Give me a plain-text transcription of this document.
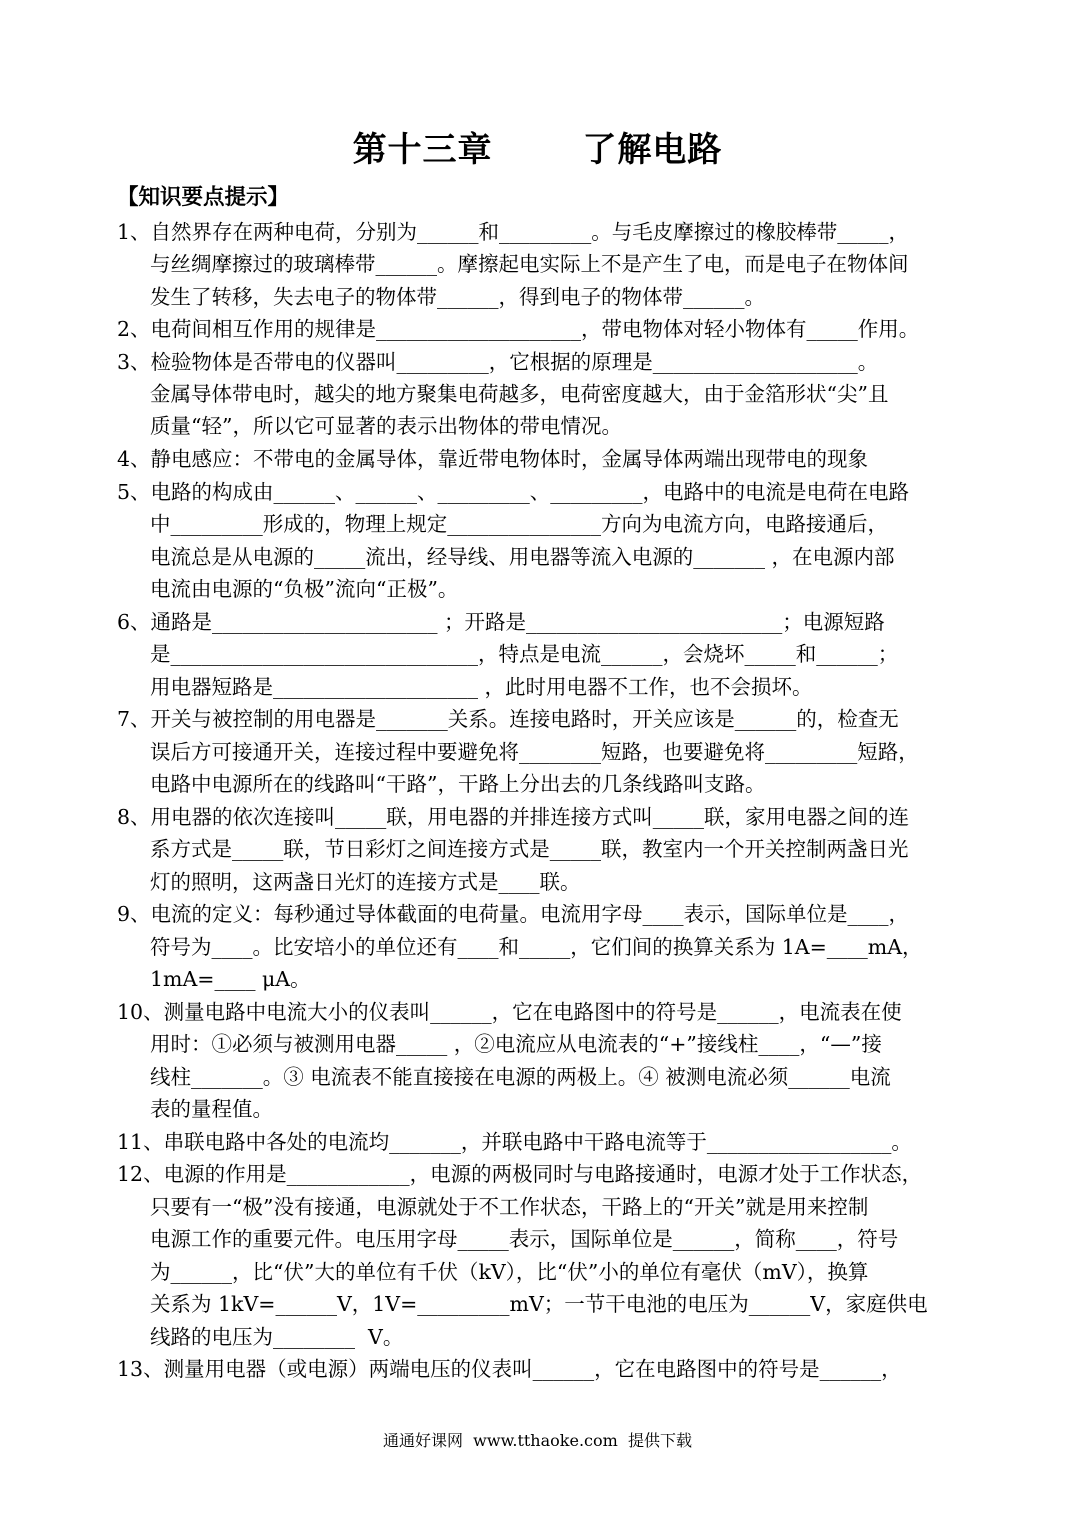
第十三章       了解电路
【知识要点提示】
1、自然界存在两种电荷，分别为______和_________。与毛皮摩擦过的橡胶棒带_____，
与丝绸摩擦过的玻璃棒带______。摩擦起电实际上不是产生了电，而是电子在物体间
发生了转移，失去电子的物体带______，得到电子的物体带______。
2、电荷间相互作用的规律是____________________，带电物体对轻小物体有_____作用。
3、检验物体是否带电的仪器叫_________，它根据的原理是____________________。
金属导体带电时，越尖的地方聚集电荷越多，电荷密度越大，由于金箔形状“尖”且
质量“轻”，所以它可显著的表示出物体的带电情况。
4、静电感应：不带电的金属导体，靠近带电物体时，金属导体两端出现带电的现象
5、电路的构成由______、______、_________、_________，电路中的电流是电荷在电路
中_________形成的，物理上规定_______________方向为电流方向，电路接通后，
电流总是从电源的_____流出，经导线、用电器等流入电源的_______ ，在电源内部
电流由电源的“负极”流向“正极”。
6、通路是______________________ ；开路是_________________________；电源短路
是______________________________，特点是电流______，会烧坏_____和______；
用电器短路是____________________ ，此时用电器不工作，也不会损坏。
7、开关与被控制的用电器是_______关系。连接电路时，开关应该是______的，检查无
误后方可接通开关，连接过程中要避免将________短路，也要避免将_________短路，
电路中电源所在的线路叫“干路”，干路上分出去的几条线路叫支路。
8、用电器的依次连接叫_____联，用电器的并排连接方式叫_____联，家用电器之间的连
系方式是_____联，节日彩灯之间连接方式是_____联，教室内一个开关控制两盏日光
灯的照明，这两盏日光灯的连接方式是____联。
9、电流的定义：每秒通过导体截面的电荷量。电流用字母____表示，国际单位是____，
符号为____。比安培小的单位还有____和_____，它们间的换算关系为 1A=____mA，
1mA=____ μA。
10、测量电路中电流大小的仪表叫______，它在电路图中的符号是______，电流表在使
用时：①必须与被测用电器_____ ，②电流应从电流表的“+”接线柱____，“—”接
线柱_______。③ 电流表不能直接接在电源的两极上。④ 被测电流必须______电流
表的量程值。
11、串联电路中各处的电流均_______，并联电路中干路电流等于__________________。
12、电源的作用是____________，电源的两极同时与电路接通时，电源才处于工作状态，
只要有一“极”没有接通，电源就处于不工作状态，干路上的“开关”就是用来控制
电源工作的重要元件。电压用字母_____表示，国际单位是______，简称____，符号
为______，比“伏”大的单位有千伏（kV），比“伏”小的单位有毫伏（mV），换算
关系为 1kV=______V，1V=_________mV；一节干电池的电压为______V，家庭供电
线路的电压为________  V。
13、测量用电器（或电源）两端电压的仪表叫______，它在电路图中的符号是______，
通通好课网  www.tthaoke.com  提供下载
